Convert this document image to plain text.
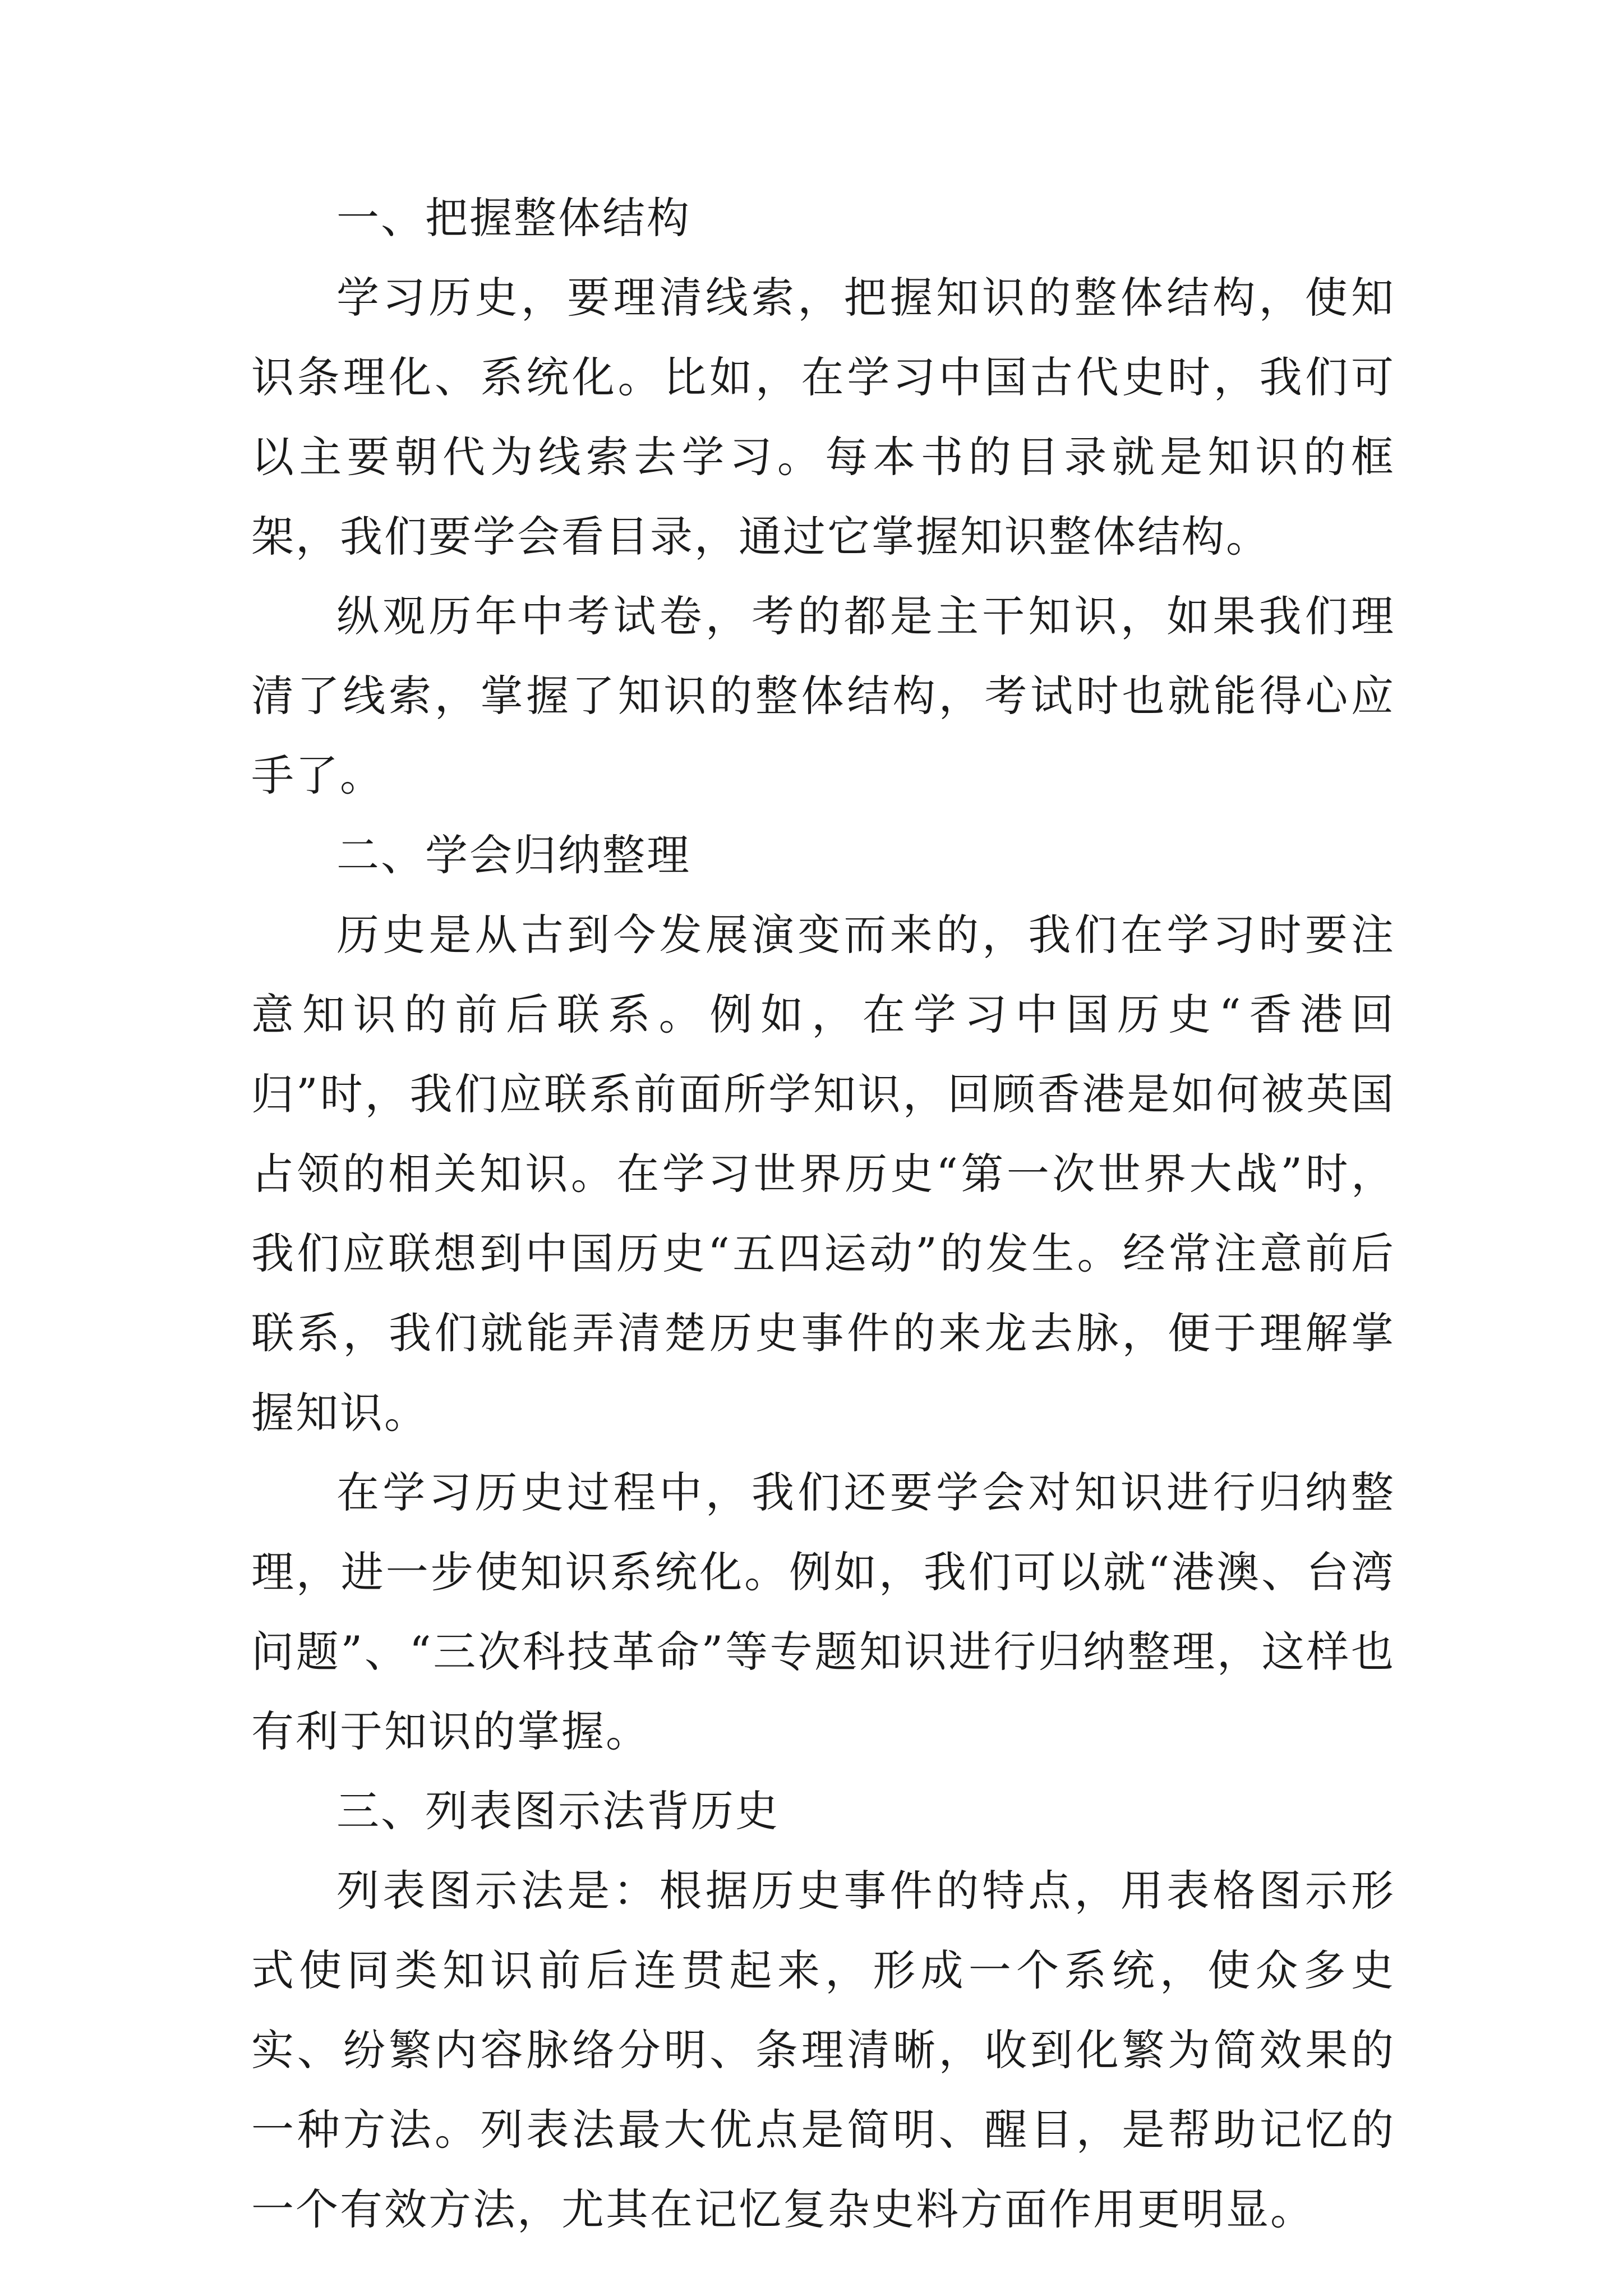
一、把握整体结构

学习历史，要理清线索，把握知识的整体结构，使知识条理化、系统化。比如，在学习中国古代史时，我们可以主要朝代为线索去学习。每本书的目录就是知识的框架，我们要学会看目录，通过它掌握知识整体结构。

纵观历年中考试卷，考的都是主干知识，如果我们理清了线索，掌握了知识的整体结构，考试时也就能得心应手了。

二、学会归纳整理

历史是从古到今发展演变而来的，我们在学习时要注意知识的前后联系。例如，在学习中国历史“香港回归”时，我们应联系前面所学知识，回顾香港是如何被英国占领的相关知识。在学习世界历史“第一次世界大战”时，我们应联想到中国历史“五四运动”的发生。经常注意前后联系，我们就能弄清楚历史事件的来龙去脉，便于理解掌握知识。

在学习历史过程中，我们还要学会对知识进行归纳整理，进一步使知识系统化。例如，我们可以就“港澳、台湾问题”、“三次科技革命”等专题知识进行归纳整理，这样也有利于知识的掌握。

三、列表图示法背历史

列表图示法是：根据历史事件的特点，用表格图示形式使同类知识前后连贯起来，形成一个系统，使众多史实、纷繁内容脉络分明、条理清晰，收到化繁为简效果的一种方法。列表法最大优点是简明、醒目，是帮助记忆的一个有效方法，尤其在记忆复杂史料方面作用更明显。
